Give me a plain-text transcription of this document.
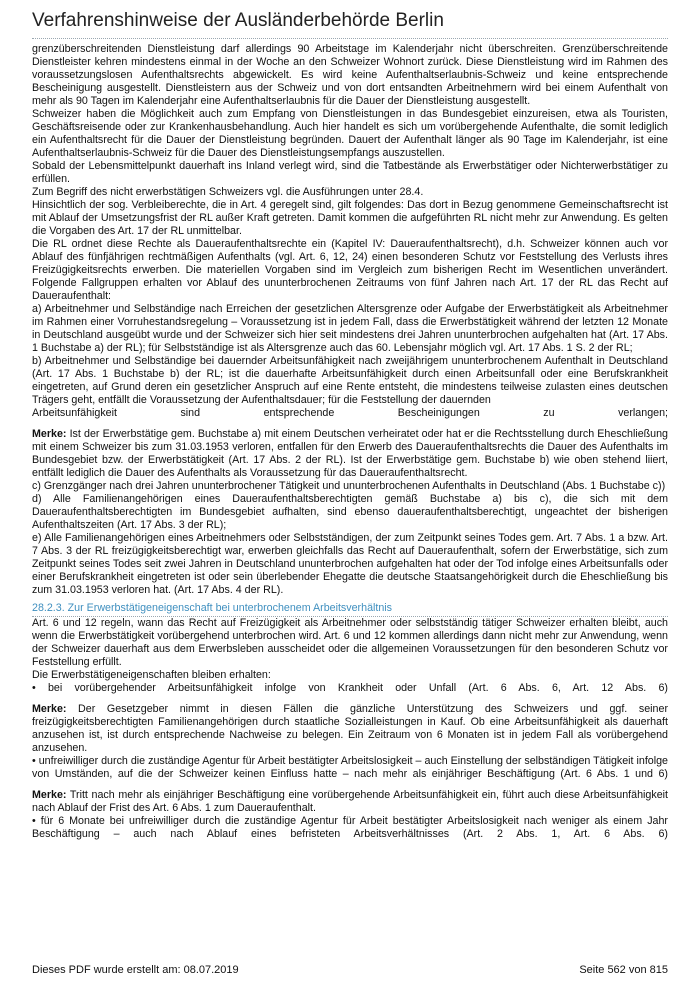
Verfahrenshinweise der Ausländerbehörde Berlin

grenzüberschreitenden Dienstleistung darf allerdings 90 Arbeitstage im Kalenderjahr nicht überschreiten. Grenzüberschreitende Dienstleister kehren mindestens einmal in der Woche an den Schweizer Wohnort zurück. Diese Dienstleistung wird im Rahmen des voraussetzungslosen Aufenthaltsrechts abgewickelt. Es wird keine Aufenthaltserlaubnis-Schweiz und keine entsprechende Bescheinigung ausgestellt. Dienstleistern aus der Schweiz und von dort entsandten Arbeitnehmern wird bei einem Aufenthalt von mehr als 90 Tagen im Kalenderjahr eine Aufenthaltserlaubnis für die Dauer der Dienstleistung ausgestellt.

Schweizer haben die Möglichkeit auch zum Empfang von Dienstleistungen in das Bundesgebiet einzureisen, etwa als Touristen, Geschäftsreisende oder zur Krankenhausbehandlung. Auch hier handelt es sich um vorübergehende Aufenthalte, die somit lediglich ein Aufenthaltsrecht für die Dauer der Dienstleistung begründen. Dauert der Aufenthalt länger als 90 Tage im Kalenderjahr, ist eine Aufenthaltserlaubnis-Schweiz für die Dauer des Dienstleistungsempfangs auszustellen.

Sobald der Lebensmittelpunkt dauerhaft ins Inland verlegt wird, sind die Tatbestände als Erwerbstätiger oder Nichterwerbstätiger zu erfüllen.

Zum Begriff des nicht erwerbstätigen Schweizers vgl. die Ausführungen unter 28.4.

Hinsichtlich der sog. Verbleiberechte, die in Art. 4 geregelt sind, gilt folgendes: Das dort in Bezug genommene Gemeinschaftsrecht ist mit Ablauf der Umsetzungsfrist der RL außer Kraft getreten. Damit kommen die aufgeführten RL nicht mehr zur Anwendung. Es gelten die Vorgaben des Art. 17 der RL unmittelbar.

Die RL ordnet diese Rechte als Daueraufenthaltsrechte ein (Kapitel IV: Daueraufenthaltsrecht), d.h. Schweizer können auch vor Ablauf des fünfjährigen rechtmäßigen Aufenthalts (vgl. Art. 6, 12, 24) einen besonderen Schutz vor Feststellung des Verlusts ihres Freizügigkeitsrechts erwerben. Die materiellen Vorgaben sind im Vergleich zum bisherigen Recht im Wesentlichen unverändert. Folgende Fallgruppen erhalten vor Ablauf des ununterbrochenen Zeitraums von fünf Jahren nach Art. 17 der RL das Recht auf Daueraufenthalt:

a) Arbeitnehmer und Selbständige nach Erreichen der gesetzlichen Altersgrenze oder Aufgabe der Erwerbstätigkeit als Arbeitnehmer im Rahmen einer Vorruhestandsregelung – Voraussetzung ist in jedem Fall, dass die Erwerbstätigkeit während der letzten 12 Monate in Deutschland ausgeübt wurde und der Schweizer sich hier seit mindestens drei Jahren ununterbrochen aufgehalten hat (Art. 17 Abs. 1 Buchstabe a) der RL); für Selbstständige ist als Altersgrenze auch das 60. Lebensjahr möglich vgl. Art. 17 Abs. 1 S. 2 der RL;

b) Arbeitnehmer und Selbständige bei dauernder Arbeitsunfähigkeit nach zweijährigem ununterbrochenem Aufenthalt in Deutschland (Art. 17 Abs. 1 Buchstabe b) der RL; ist die dauerhafte Arbeitsunfähigkeit durch einen Arbeitsunfall oder eine Berufskrankheit eingetreten, auf Grund deren ein gesetzlicher Anspruch auf eine Rente entsteht, die mindestens teilweise zulasten eines deutschen Trägers geht, entfällt die Voraussetzung der Aufenthaltsdauer; für die Feststellung der dauernden

Arbeitsunfähigkeit sind entsprechende Bescheinigungen zu verlangen;

Merke: Ist der Erwerbstätige gem. Buchstabe a) mit einem Deutschen verheiratet oder hat er die Rechtsstellung durch Eheschließung mit einem Schweizer bis zum 31.03.1953 verloren, entfallen für den Erwerb des Daueraufenthaltsrechts die Dauer des Aufenthalts im Bundesgebiet bzw. der Erwerbstätigkeit (Art. 17 Abs. 2 der RL). Ist der Erwerbstätige gem. Buchstabe b) wie oben stehend liiert, entfällt lediglich die Dauer des Aufenthalts als Voraussetzung für das Daueraufenthaltsrecht.

c) Grenzgänger nach drei Jahren ununterbrochener Tätigkeit und ununterbrochenen Aufenthalts in Deutschland (Abs. 1 Buchstabe c))

d) Alle Familienangehörigen eines Daueraufenthaltsberechtigten gemäß Buchstabe a) bis c), die sich mit dem Daueraufenthaltsberechtigten im Bundesgebiet aufhalten, sind ebenso daueraufenthaltsberechtigt, ungeachtet der bisherigen Aufenthaltszeiten (Art. 17 Abs. 3 der RL);

e) Alle Familienangehörigen eines Arbeitnehmers oder Selbstständigen, der zum Zeitpunkt seines Todes gem. Art. 7 Abs. 1 a bzw. Art. 7 Abs. 3 der RL freizügigkeitsberechtigt war, erwerben gleichfalls das Recht auf Daueraufenthalt, sofern der Erwerbstätige, sich zum Zeitpunkt seines Todes seit zwei Jahren in Deutschland ununterbrochen aufgehalten hat oder der Tod infolge eines Arbeitsunfalls oder einer Berufskrankheit eingetreten ist oder sein überlebender Ehegatte die deutsche Staatsangehörigkeit durch die Eheschließung bis zum 31.03.1953 verloren hat. (Art. 17 Abs. 4 der RL).

28.2.3. Zur Erwerbstätigeneigenschaft bei unterbrochenem Arbeitsverhältnis

Art. 6 und 12 regeln, wann das Recht auf Freizügigkeit als Arbeitnehmer oder selbstständig tätiger Schweizer erhalten bleibt, auch wenn die Erwerbstätigkeit vorübergehend unterbrochen wird. Art. 6 und 12 kommen allerdings dann nicht mehr zur Anwendung, wenn der Schweizer dauerhaft aus dem Erwerbsleben ausscheidet oder die allgemeinen Voraussetzungen für den besonderen Schutz vor Feststellung erfüllt.

Die Erwerbstätigeneigenschaften bleiben erhalten:

• bei vorübergehender Arbeitsunfähigkeit infolge von Krankheit oder Unfall (Art. 6 Abs. 6, Art. 12 Abs. 6)

Merke: Der Gesetzgeber nimmt in diesen Fällen die gänzliche Unterstützung des Schweizers und ggf. seiner freizügigkeitsberechtigten Familienangehörigen durch staatliche Sozialleistungen in Kauf. Ob eine Arbeitsunfähigkeit als dauerhaft anzusehen ist, ist durch entsprechende Nachweise zu belegen. Ein Zeitraum von 6 Monaten ist in jedem Fall als vorübergehend anzusehen.

• unfreiwilliger durch die zuständige Agentur für Arbeit bestätigter Arbeitslosigkeit – auch Einstellung der selbständigen Tätigkeit infolge von Umständen, auf die der Schweizer keinen Einfluss hatte – nach mehr als einjähriger Beschäftigung (Art. 6 Abs. 1 und 6)

Merke: Tritt nach mehr als einjähriger Beschäftigung eine vorübergehende Arbeitsunfähigkeit ein, führt auch diese Arbeitsunfähigkeit nach Ablauf der Frist des Art. 6 Abs. 1 zum Daueraufenthalt.

• für 6 Monate bei unfreiwilliger durch die zuständige Agentur für Arbeit bestätigter Arbeitslosigkeit nach weniger als einem Jahr Beschäftigung – auch nach Ablauf eines befristeten Arbeitsverhältnisses (Art. 2 Abs. 1, Art. 6 Abs. 6)

Dieses PDF wurde erstellt am: 08.07.2019	Seite 562 von 815
